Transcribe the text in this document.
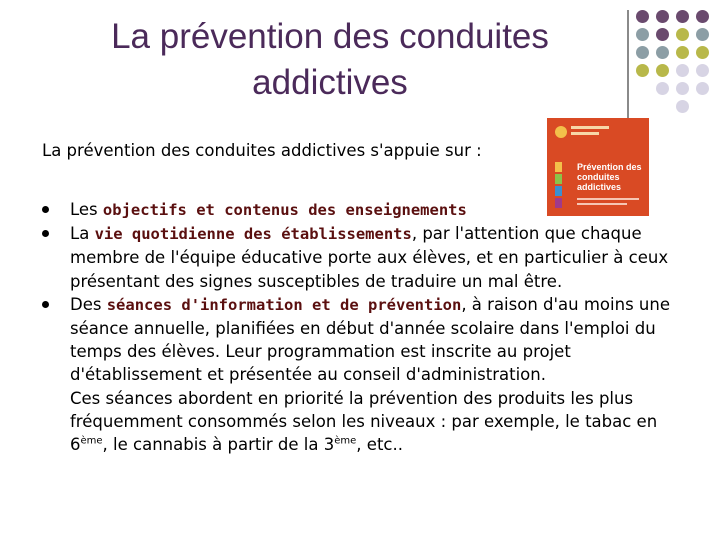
La prévention des conduites addictives
Prévention des conduites addictives
La prévention des conduites addictives s'appuie sur :
Les objectifs et contenus des enseignements
La vie quotidienne des établissements, par l'attention que chaque membre de l'équipe éducative porte aux élèves, et en particulier à ceux présentant des signes susceptibles de traduire un mal être.
Des séances d'information et de prévention, à raison d'au moins une séance annuelle, planifiées en début d'année scolaire dans l'emploi du temps des élèves. Leur programmation est inscrite au projet d'établissement et présentée au conseil d'administration.
Ces séances abordent en priorité la prévention des produits les plus fréquemment consommés selon les niveaux : par exemple, le tabac en 6ème, le cannabis à partir de la 3ème, etc..
